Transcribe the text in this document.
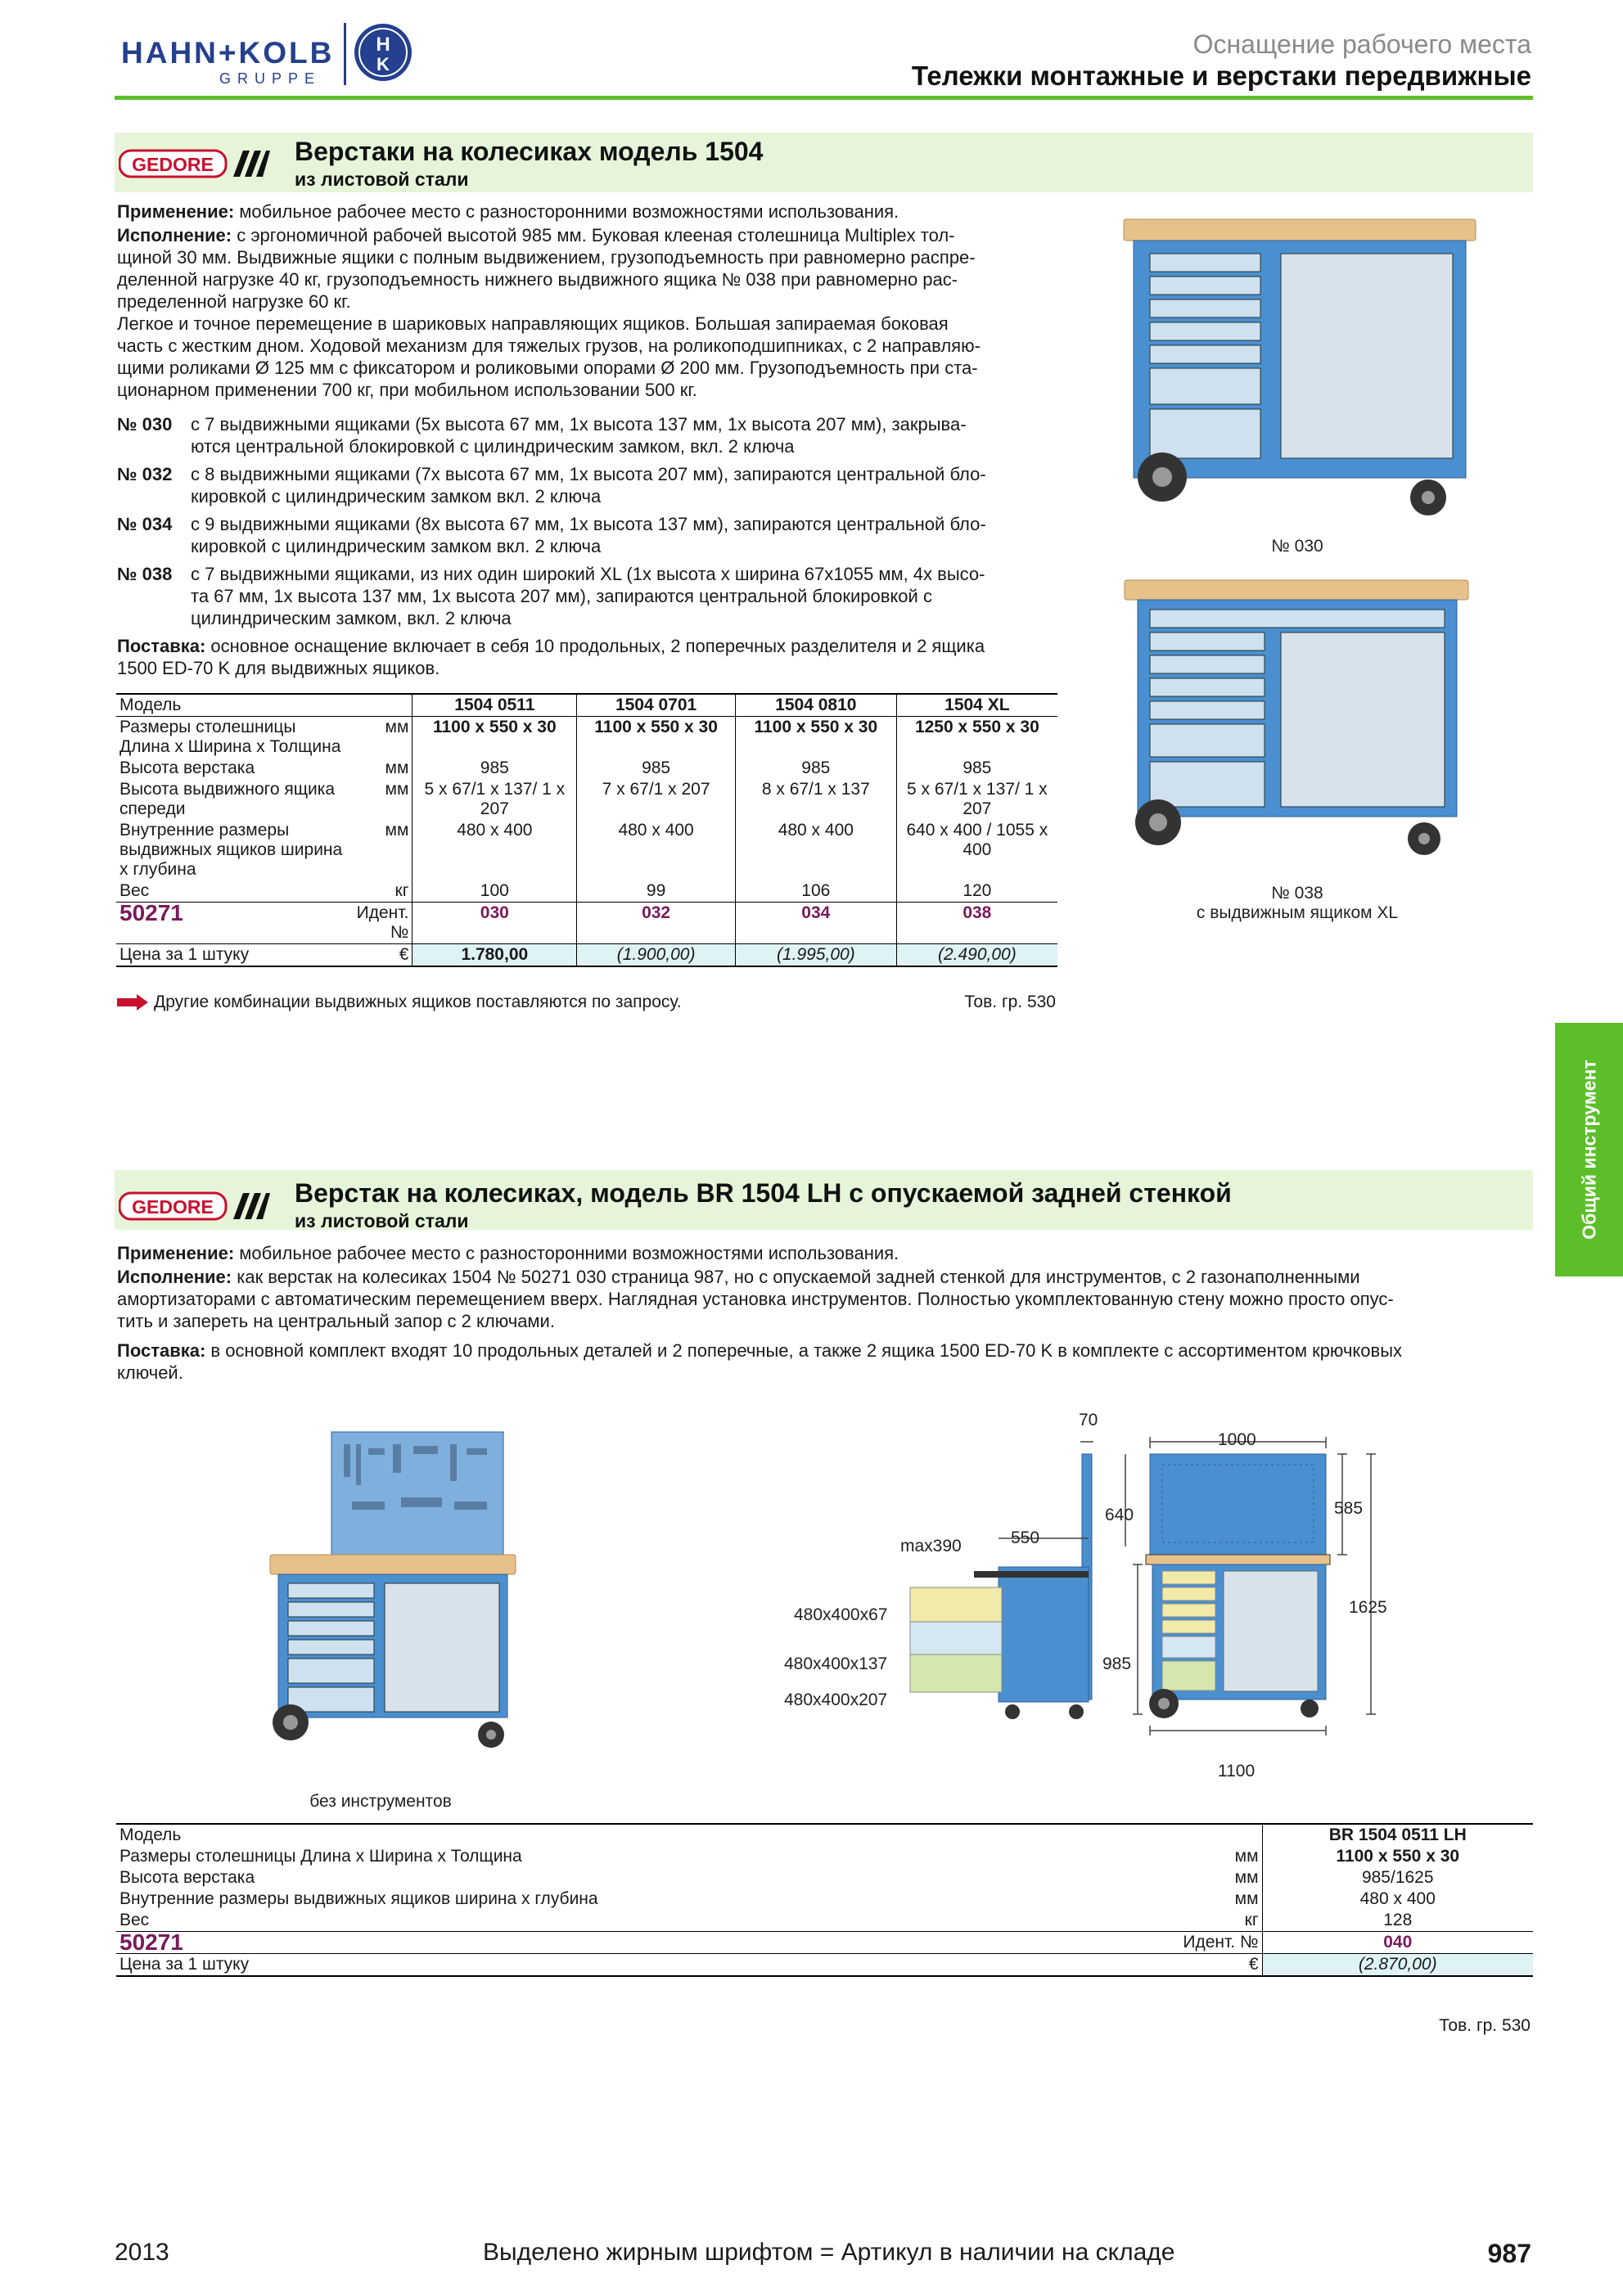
HAHN+KOLB
GRUPPE
H
K
Оснащение рабочего места
Тележки монтажные и верстаки передвижные
GEDORE	Верстаки на колесиках модель 1504
из листовой стали
Применение: мобильное рабочее место с разносторонними возможностями использования.
Исполнение: с эргономичной рабочей высотой 985 мм. Буковая клееная столешница Multiplex тол-
щиной 30 мм. Выдвижные ящики с полным выдвижением, грузоподъемность при равномерно распре-
деленной нагрузке 40 кг, грузоподъемность нижнего выдвижного ящика № 038 при равномерно рас-
пределенной нагрузке 60 кг.
Легкое и точное перемещение в шариковых направляющих ящиков. Большая запираемая боковая
часть с жестким дном. Ходовой механизм для тяжелых грузов, на роликоподшипниках, с 2 направляю-
щими роликами Ø 125 мм с фиксатором и роликовыми опорами Ø 200 мм. Грузоподъемность при ста-
ционарном применении 700 кг, при мобильном использовании 500 кг.
№ 030 с 7 выдвижными ящиками (5х высота 67 мм, 1х высота 137 мм, 1х высота 207 мм), закрыва-
ются центральной блокировкой с цилиндрическим замком, вкл. 2 ключа
№ 032 с 8 выдвижными ящиками (7х высота 67 мм, 1х высота 207 мм), запираются центральной бло-
кировкой с цилиндрическим замком вкл. 2 ключа
№ 034 с 9 выдвижными ящиками (8х высота 67 мм, 1х высота 137 мм), запираются центральной бло-
кировкой с цилиндрическим замком вкл. 2 ключа
№ 038 с 7 выдвижными ящиками, из них один широкий XL (1х высота х ширина 67х1055 мм, 4х высо-
та 67 мм, 1х высота 137 мм, 1х высота 207 мм), запираются центральной блокировкой с
цилиндрическим замком, вкл. 2 ключа
Поставка: основное оснащение включает в себя 10 продольных, 2 поперечных разделителя и 2 ящика
1500 ED-70 K для выдвижных ящиков.
Модель		1504 0511	1504 0701	1504 0810	1504 XL
Размеры столешницы Длина х Ширина х Толщина	мм	1100 x 550 x 30	1100 x 550 x 30	1100 x 550 x 30	1250 x 550 x 30
Высота верстака	мм	985	985	985	985
Высота выдвижного ящика спереди	мм	5 x 67/1 x 137/ 1 x 207	7 x 67/1 x 207	8 x 67/1 x 137	5 x 67/1 x 137/ 1 x 207
Внутренние размеры выдвижных ящиков ширина х глубина	мм	480 x 400	480 x 400	480 x 400	640 x 400 / 1055 x 400
Вес	кг	100	99	106	120
50271	Идент. №	030	032	034	038
Цена за 1 штуку	€	1.780,00	(1.900,00)	(1.995,00)	(2.490,00)
Другие комбинации выдвижных ящиков поставляются по запросу.	Тов. гр. 530
№ 030
№ 038
с выдвижным ящиком XL
Общий инструмент
GEDORE	Верстак на колесиках, модель BR 1504 LH с опускаемой задней стенкой
из листовой стали
Применение: мобильное рабочее место с разносторонними возможностями использования.
Исполнение: как верстак на колесиках 1504 № 50271 030 страница 987, но с опускаемой задней стенкой для инструментов, с 2 газонаполненными
амортизаторами с автоматическим перемещением вверх. Наглядная установка инструментов. Полностью укомплектованную стену можно просто опус-
тить и запереть на центральный запор с 2 ключами.
Поставка: в основной комплект входят 10 продольных деталей и 2 поперечные, а также 2 ящика 1500 ED-70 K в комплекте с ассортиментом крючковых
ключей.
без инструментов
70
1000
640	585
max390	550
1625
985
1100
480x400x67
480x400x137
480x400x207
Модель		BR 1504 0511 LH
Размеры столешницы Длина х Ширина х Толщина	мм	1100 x 550 x 30
Высота верстака	мм	985/1625
Внутренние размеры выдвижных ящиков ширина х глубина	мм	480 x 400
Вес	кг	128
50271	Идент. №	040
Цена за 1 штуку	€	(2.870,00)
Тов. гр. 530
2013	Выделено жирным шрифтом = Артикул в наличии на складе	987
